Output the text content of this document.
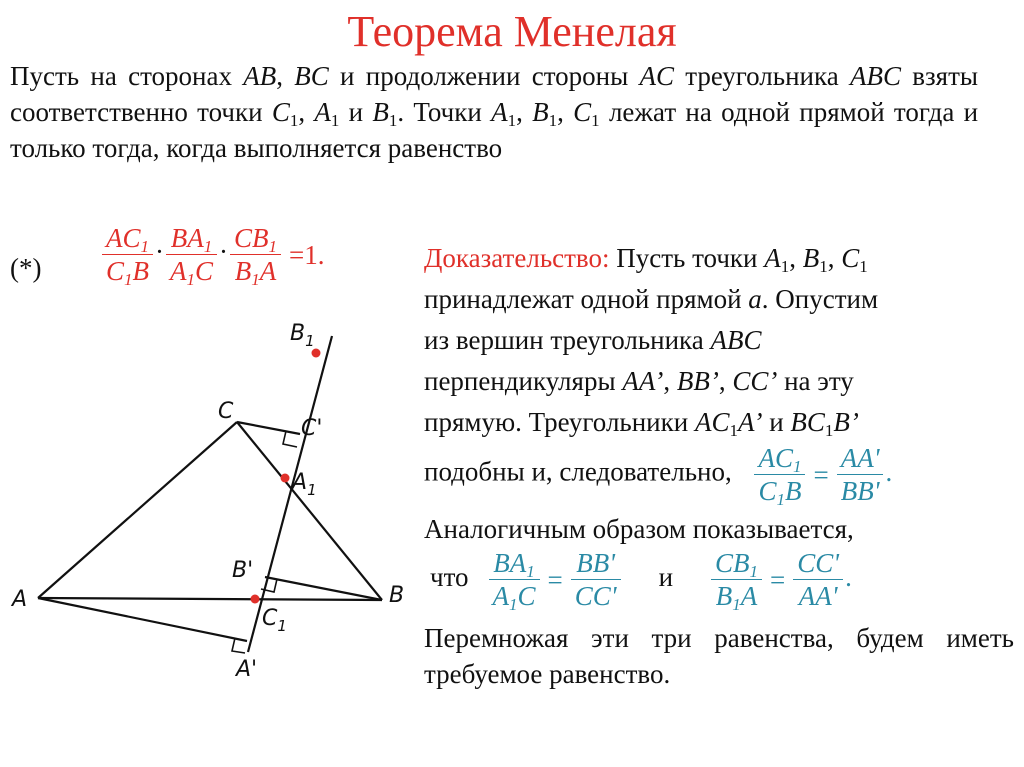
Теорема Менелая
Пусть на сторонах AB, BC и продолжении стороны AC треугольника ABC взяты соответственно точки $C_1$, $A_1$ и $B_1$. Точки $A_1$, $B_1$, $C_1$ лежат на одной прямой тогда и только тогда, когда выполняется равенство
(*) $\frac{AC_1}{C_1B} \cdot \frac{BA_1}{A_1C} \cdot \frac{CB_1}{B_1A} =1$.
A	B
C
$B_1$
$A_1$
$C_1$
C'
B'
A'
Доказательство: Пусть точки $A_1$, $B_1$, $C_1$
принадлежат одной прямой a. Опустим
из вершин треугольника ABC
перпендикуляры AA’, BB’, CC’ на эту
прямую. Треугольники $AC_1A$’ и $BC_1B$’
подобны и, следовательно, $\frac{AC_1}{C_1B} = \frac{AA'}{BB'}$ .
Аналогичным образом показывается,
что $\frac{BA_1}{A_1C} = \frac{BB'}{CC'}$ и $\frac{CB_1}{B_1A} = \frac{CC'}{AA'}$ .
Перемножая эти три равенства, будем иметь требуемое равенство.
